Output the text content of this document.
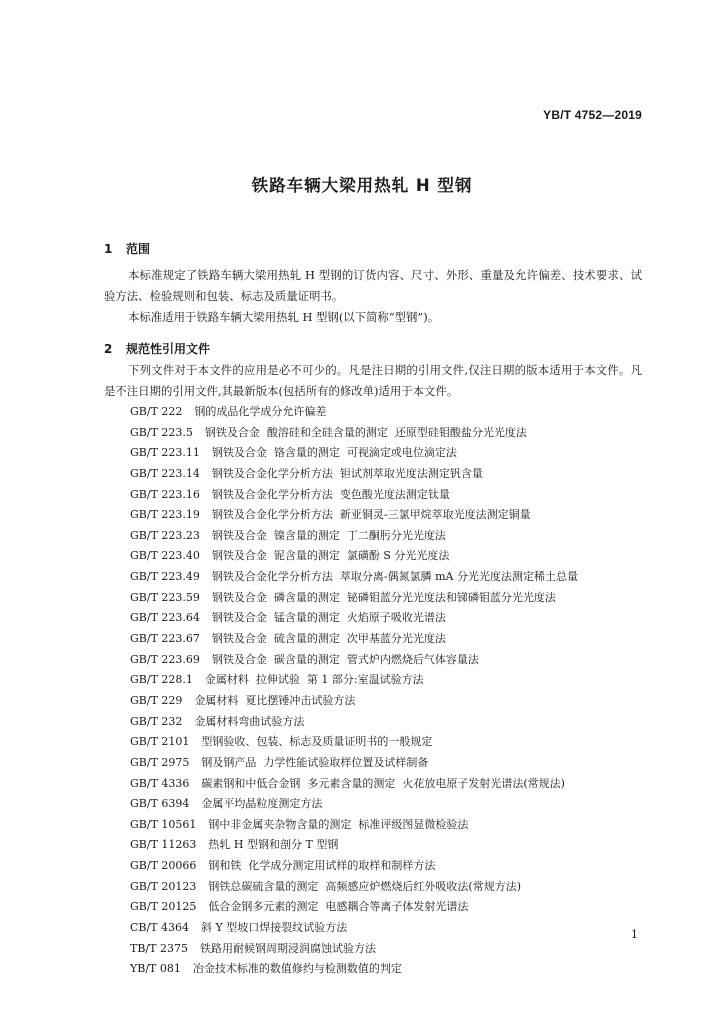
YB/T 4752—2019
铁路车辆大梁用热轧 H 型钢
1 范围

本标准规定了铁路车辆大梁用热轧 H 型钢的订货内容、尺寸、外形、重量及允许偏差、技术要求、试验方法、检验规则和包装、标志及质量证明书。

本标准适用于铁路车辆大梁用热轧 H 型钢(以下简称“型钢”)。

2 规范性引用文件

下列文件对于本文件的应用是必不可少的。凡是注日期的引用文件,仅注日期的版本适用于本文件。凡是不注日期的引用文件,其最新版本(包括所有的修改单)适用于本文件。

GB/T 222 钢的成品化学成分允许偏差
GB/T 223.5 钢铁及合金  酸溶硅和全硅含量的测定  还原型硅钼酸盐分光光度法
GB/T 223.11 钢铁及合金  铬含量的测定  可视滴定或电位滴定法
GB/T 223.14 钢铁及合金化学分析方法  钽试剂萃取光度法测定钒含量
GB/T 223.16 钢铁及合金化学分析方法  变色酸光度法测定钛量
GB/T 223.19 钢铁及合金化学分析方法  新亚铜灵-三氯甲烷萃取光度法测定铜量
GB/T 223.23 钢铁及合金  镍含量的测定  丁二酮肟分光光度法
GB/T 223.40 钢铁及合金  铌含量的测定  氯磺酚 S 分光光度法
GB/T 223.49 钢铁及合金化学分析方法  萃取分离-偶氮氯膦 mA 分光光度法测定稀土总量
GB/T 223.59 钢铁及合金  磷含量的测定  铋磷钼蓝分光光度法和锑磷钼蓝分光光度法
GB/T 223.64 钢铁及合金  锰含量的测定  火焰原子吸收光谱法
GB/T 223.67 钢铁及合金  硫含量的测定  次甲基蓝分光光度法
GB/T 223.69 钢铁及合金  碳含量的测定  管式炉内燃烧后气体容量法
GB/T 228.1 金属材料  拉伸试验  第 1 部分:室温试验方法
GB/T 229 金属材料  夏比摆锤冲击试验方法
GB/T 232 金属材料弯曲试验方法
GB/T 2101 型钢验收、包装、标志及质量证明书的一般规定
GB/T 2975 钢及钢产品  力学性能试验取样位置及试样制备
GB/T 4336 碳素钢和中低合金钢  多元素含量的测定  火花放电原子发射光谱法(常规法)
GB/T 6394 金属平均晶粒度测定方法
GB/T 10561 钢中非金属夹杂物含量的测定  标准评级图显微检验法
GB/T 11263 热轧 H 型钢和剖分 T 型钢
GB/T 20066 钢和铁  化学成分测定用试样的取样和制样方法
GB/T 20123 钢铁总碳硫含量的测定  高频感应炉燃烧后红外吸收法(常规方法)
GB/T 20125 低合金钢多元素的测定  电感耦合等离子体发射光谱法
CB/T 4364 斜 Y 型坡口焊接裂纹试验方法
TB/T 2375 铁路用耐候钢周期浸润腐蚀试验方法
YB/T 081 冶金技术标准的数值修约与检测数值的判定
1
